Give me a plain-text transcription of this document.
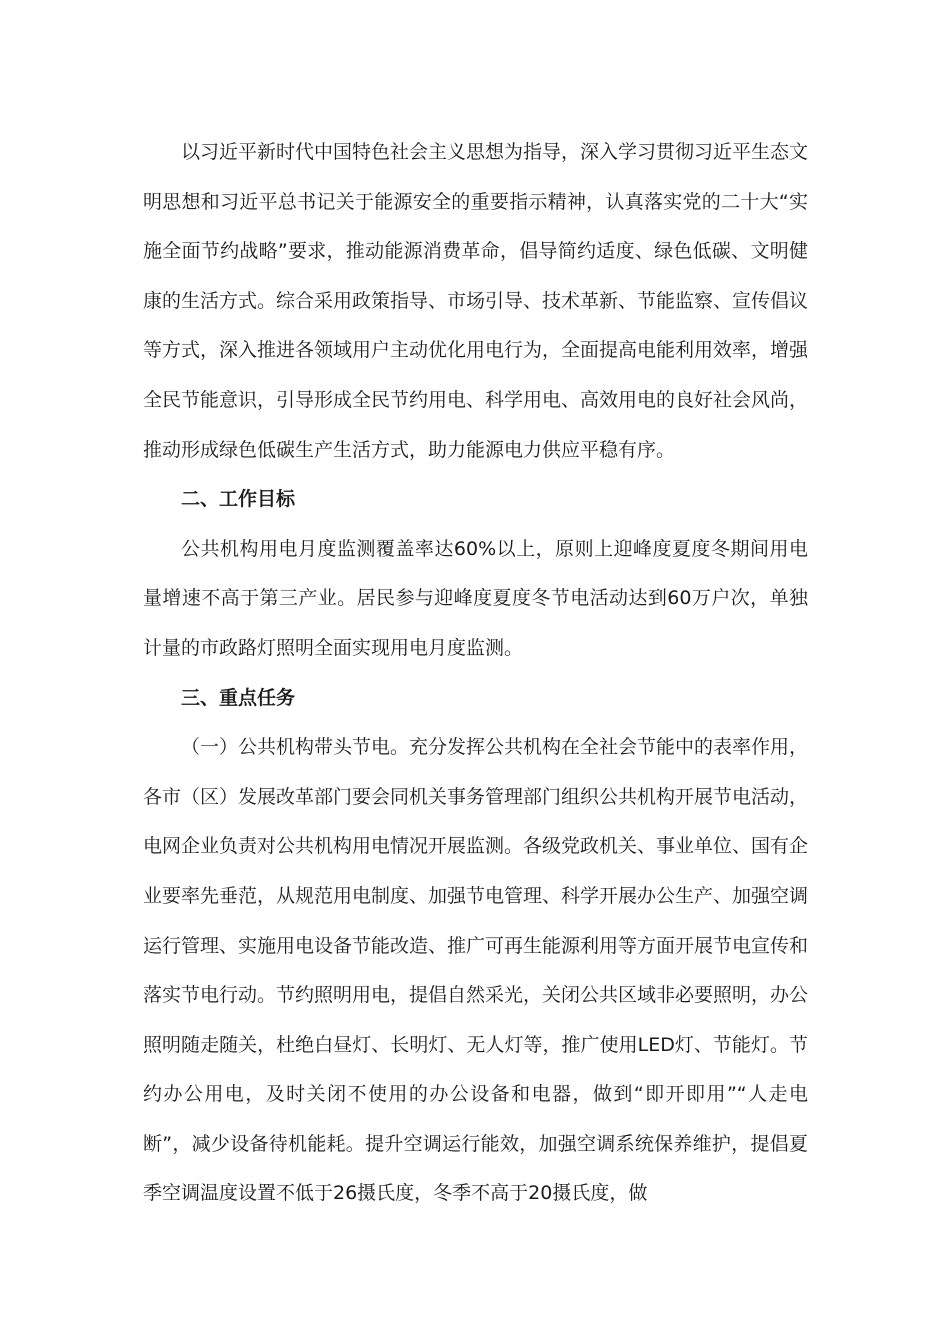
以习近平新时代中国特色社会主义思想为指导，深入学习贯彻习近平生态文明思想和习近平总书记关于能源安全的重要指示精神，认真落实党的二十大“实施全面节约战略”要求，推动能源消费革命，倡导简约适度、绿色低碳、文明健康的生活方式。综合采用政策指导、市场引导、技术革新、节能监察、宣传倡议等方式，深入推进各领域用户主动优化用电行为，全面提高电能利用效率，增强全民节能意识，引导形成全民节约用电、科学用电、高效用电的良好社会风尚，推动形成绿色低碳生产生活方式，助力能源电力供应平稳有序。

二、工作目标

公共机构用电月度监测覆盖率达60%以上，原则上迎峰度夏度冬期间用电量增速不高于第三产业。居民参与迎峰度夏度冬节电活动达到60万户次，单独计量的市政路灯照明全面实现用电月度监测。

三、重点任务

（一）公共机构带头节电。充分发挥公共机构在全社会节能中的表率作用，各市（区）发展改革部门要会同机关事务管理部门组织公共机构开展节电活动，电网企业负责对公共机构用电情况开展监测。各级党政机关、事业单位、国有企业要率先垂范，从规范用电制度、加强节电管理、科学开展办公生产、加强空调运行管理、实施用电设备节能改造、推广可再生能源利用等方面开展节电宣传和落实节电行动。节约照明用电，提倡自然采光，关闭公共区域非必要照明，办公照明随走随关，杜绝白昼灯、长明灯、无人灯等，推广使用LED灯、节能灯。节约办公用电，及时关闭不使用的办公设备和电器，做到“即开即用”“人走电断”，减少设备待机能耗。提升空调运行能效，加强空调系统保养维护，提倡夏季空调温度设置不低于26摄氏度，冬季不高于20摄氏度，做
